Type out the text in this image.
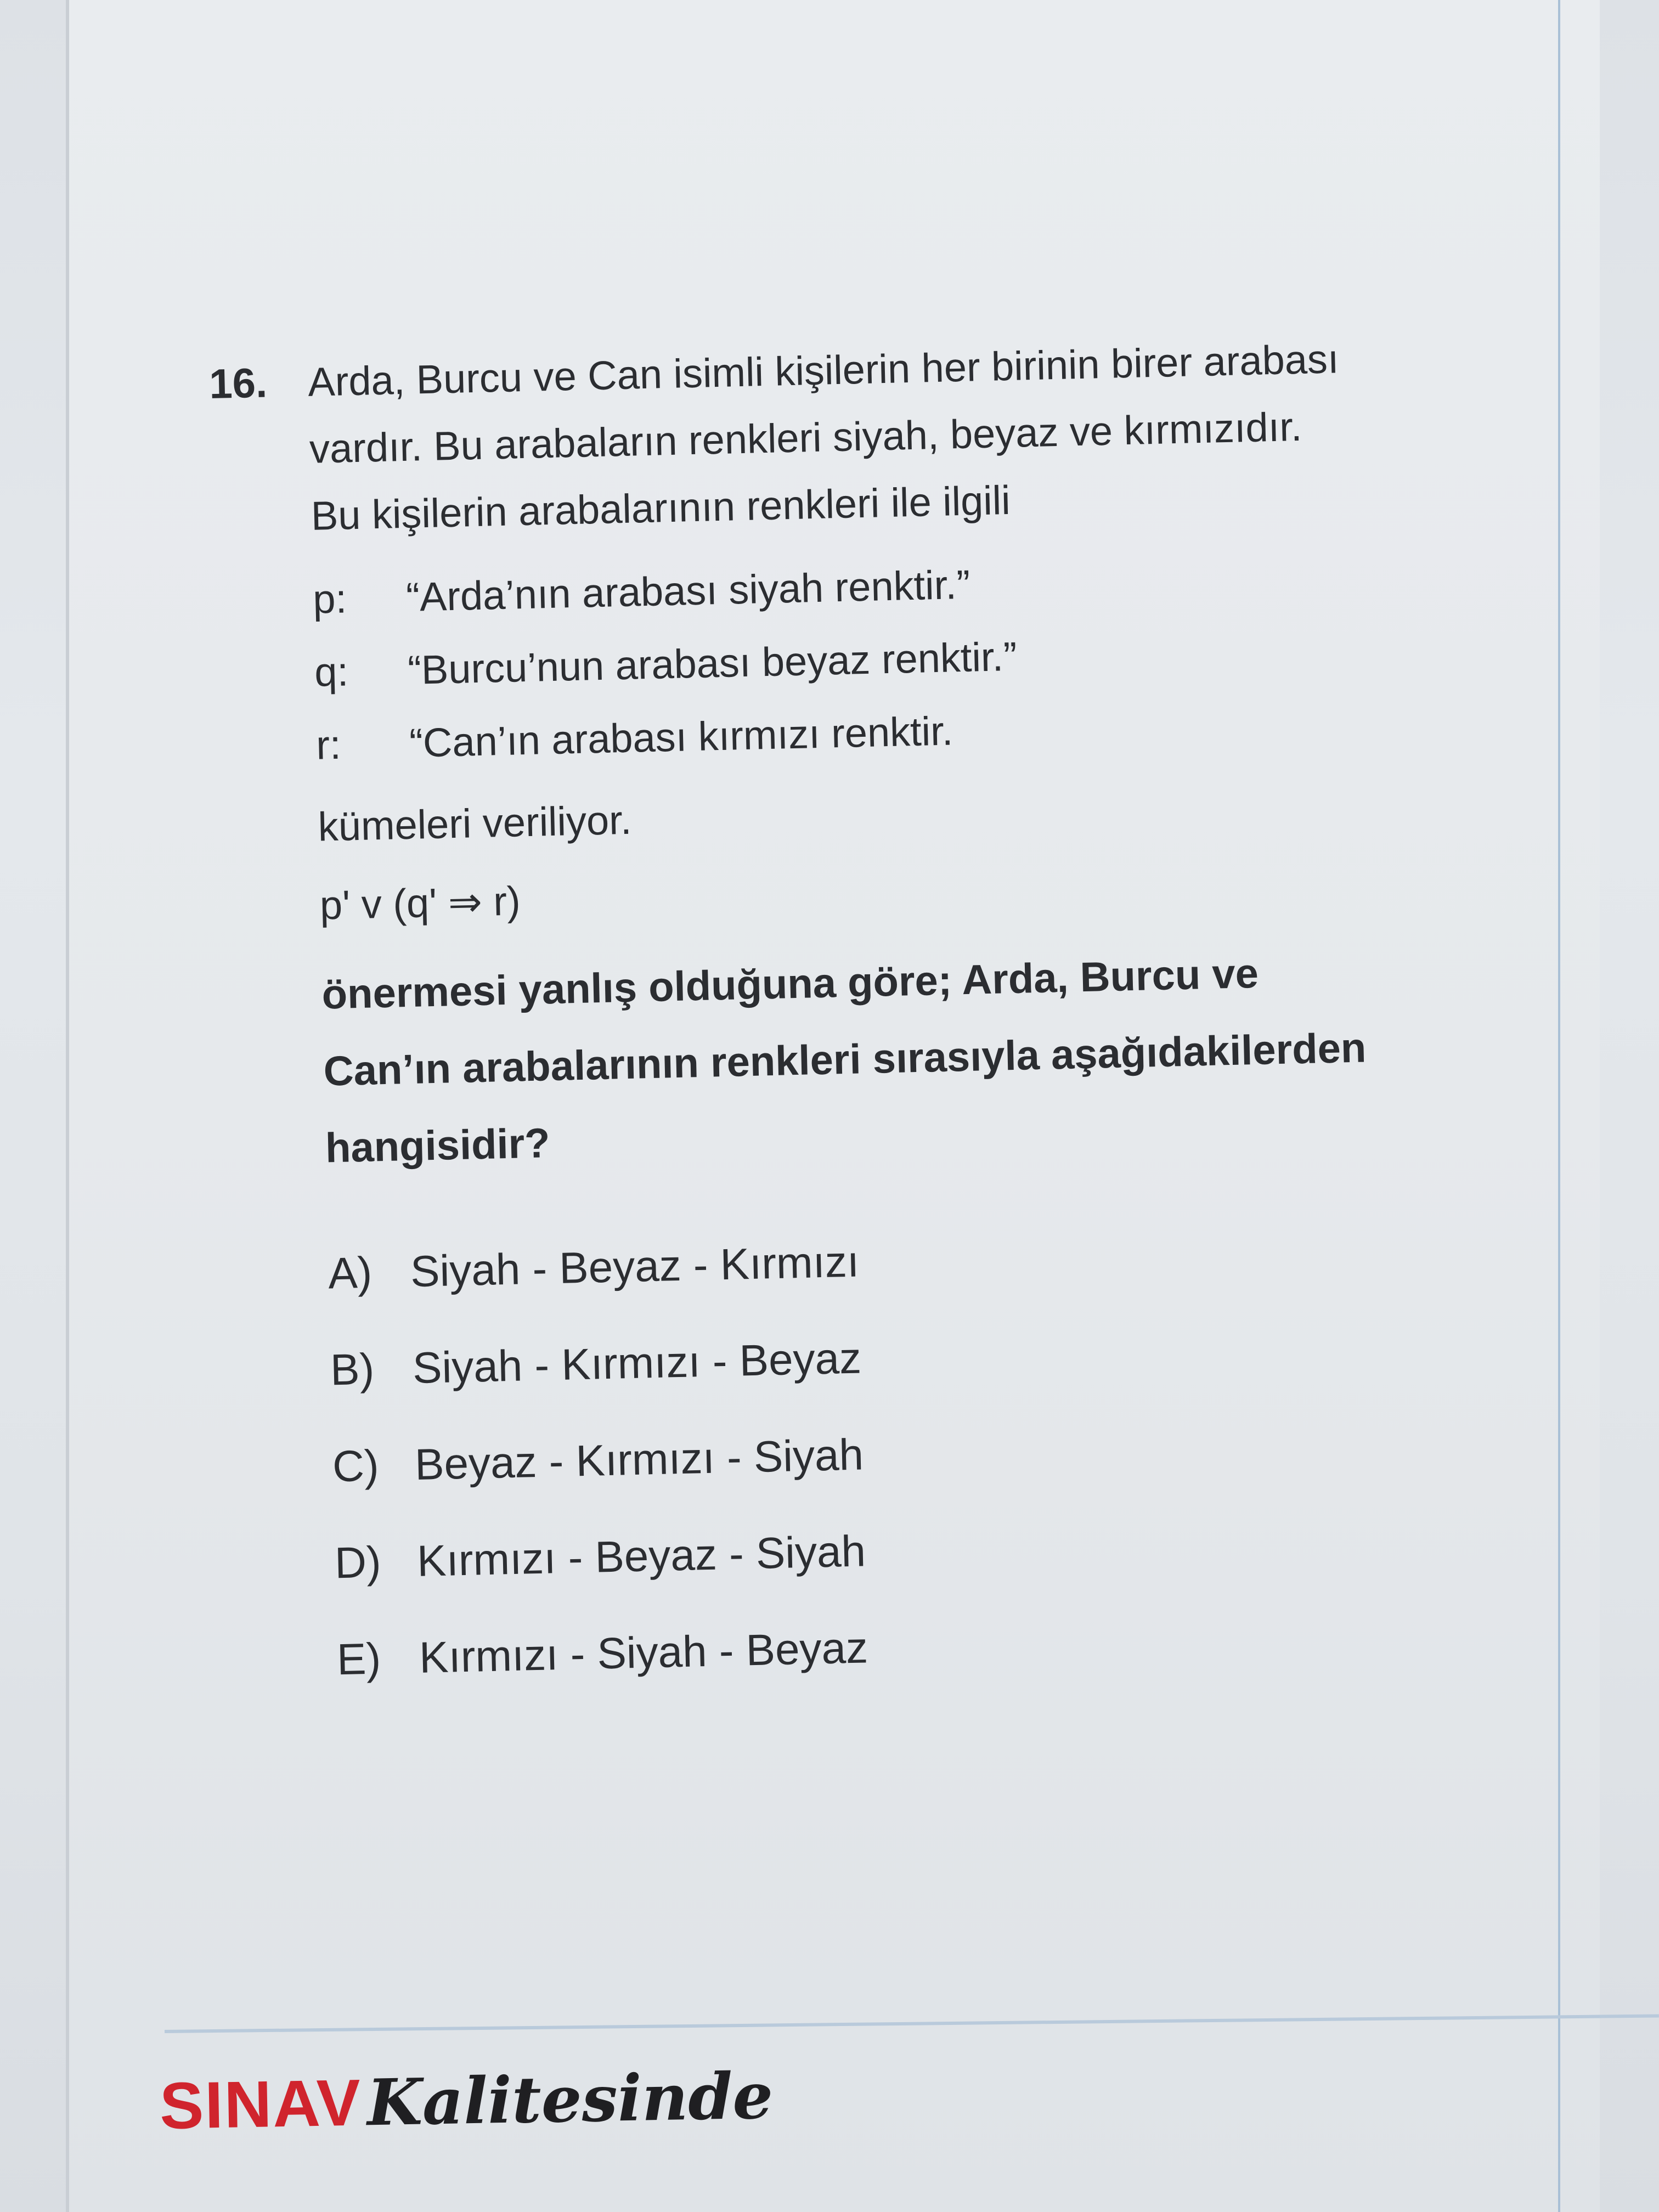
16. Arda, Burcu ve Can isimli kişilerin her birinin birer arabası
vardır. Bu arabaların renkleri siyah, beyaz ve kırmızıdır.
Bu kişilerin arabalarının renkleri ile ilgili
p:	“Arda’nın arabası siyah renktir.”
q:	“Burcu’nun arabası beyaz renktir.”
r:	“Can’ın arabası kırmızı renktir.
kümeleri veriliyor.
p' v (q' ⇒ r)
önermesi yanlış olduğuna göre; Arda, Burcu ve
Can’ın arabalarının renkleri sırasıyla aşağıdakilerden
hangisidir?
A) Siyah - Beyaz - Kırmızı
B) Siyah - Kırmızı - Beyaz
C) Beyaz - Kırmızı - Siyah
D) Kırmızı - Beyaz - Siyah
E) Kırmızı - Siyah - Beyaz
SINAV Kalitesinde
